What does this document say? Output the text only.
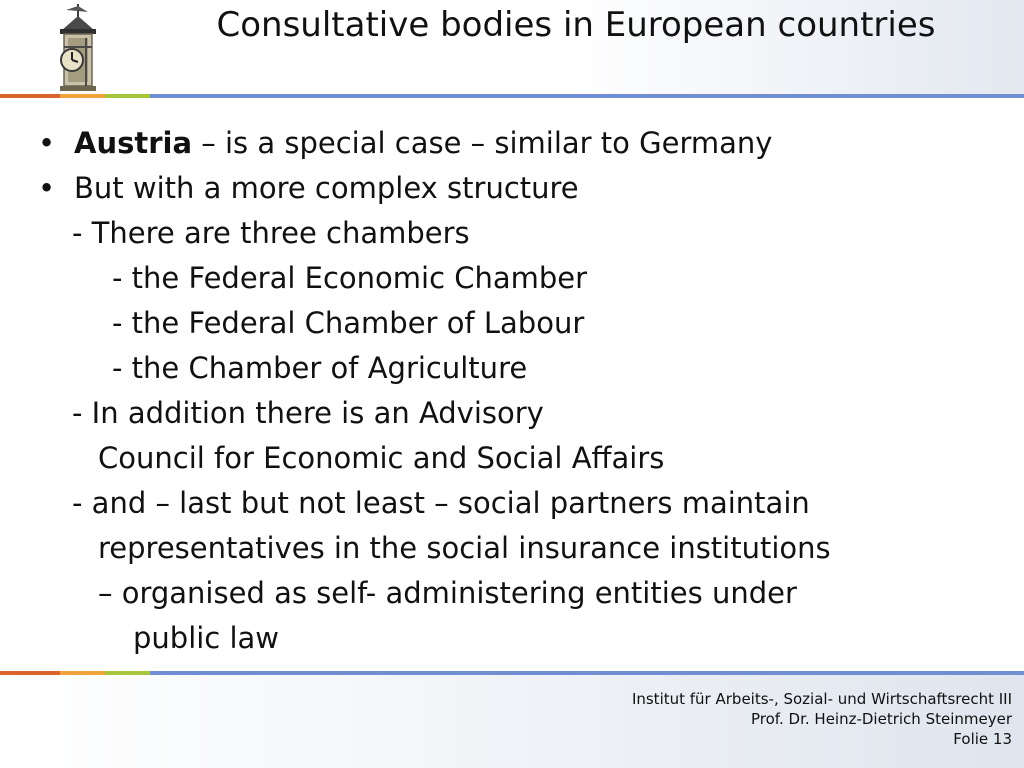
Consultative bodies in European countries
• Austria – is a special case – similar to Germany
• But with a more complex structure
- There are three chambers
- the Federal Economic Chamber
- the Federal Chamber of Labour
- the Chamber of Agriculture
- In addition there is an Advisory
Council for Economic and Social Affairs
- and – last but not least – social partners maintain
representatives in the social insurance institutions
– organised as self- administering entities under
public law
Institut für Arbeits-, Sozial- und Wirtschaftsrecht III
Prof. Dr. Heinz-Dietrich Steinmeyer
Folie 13
